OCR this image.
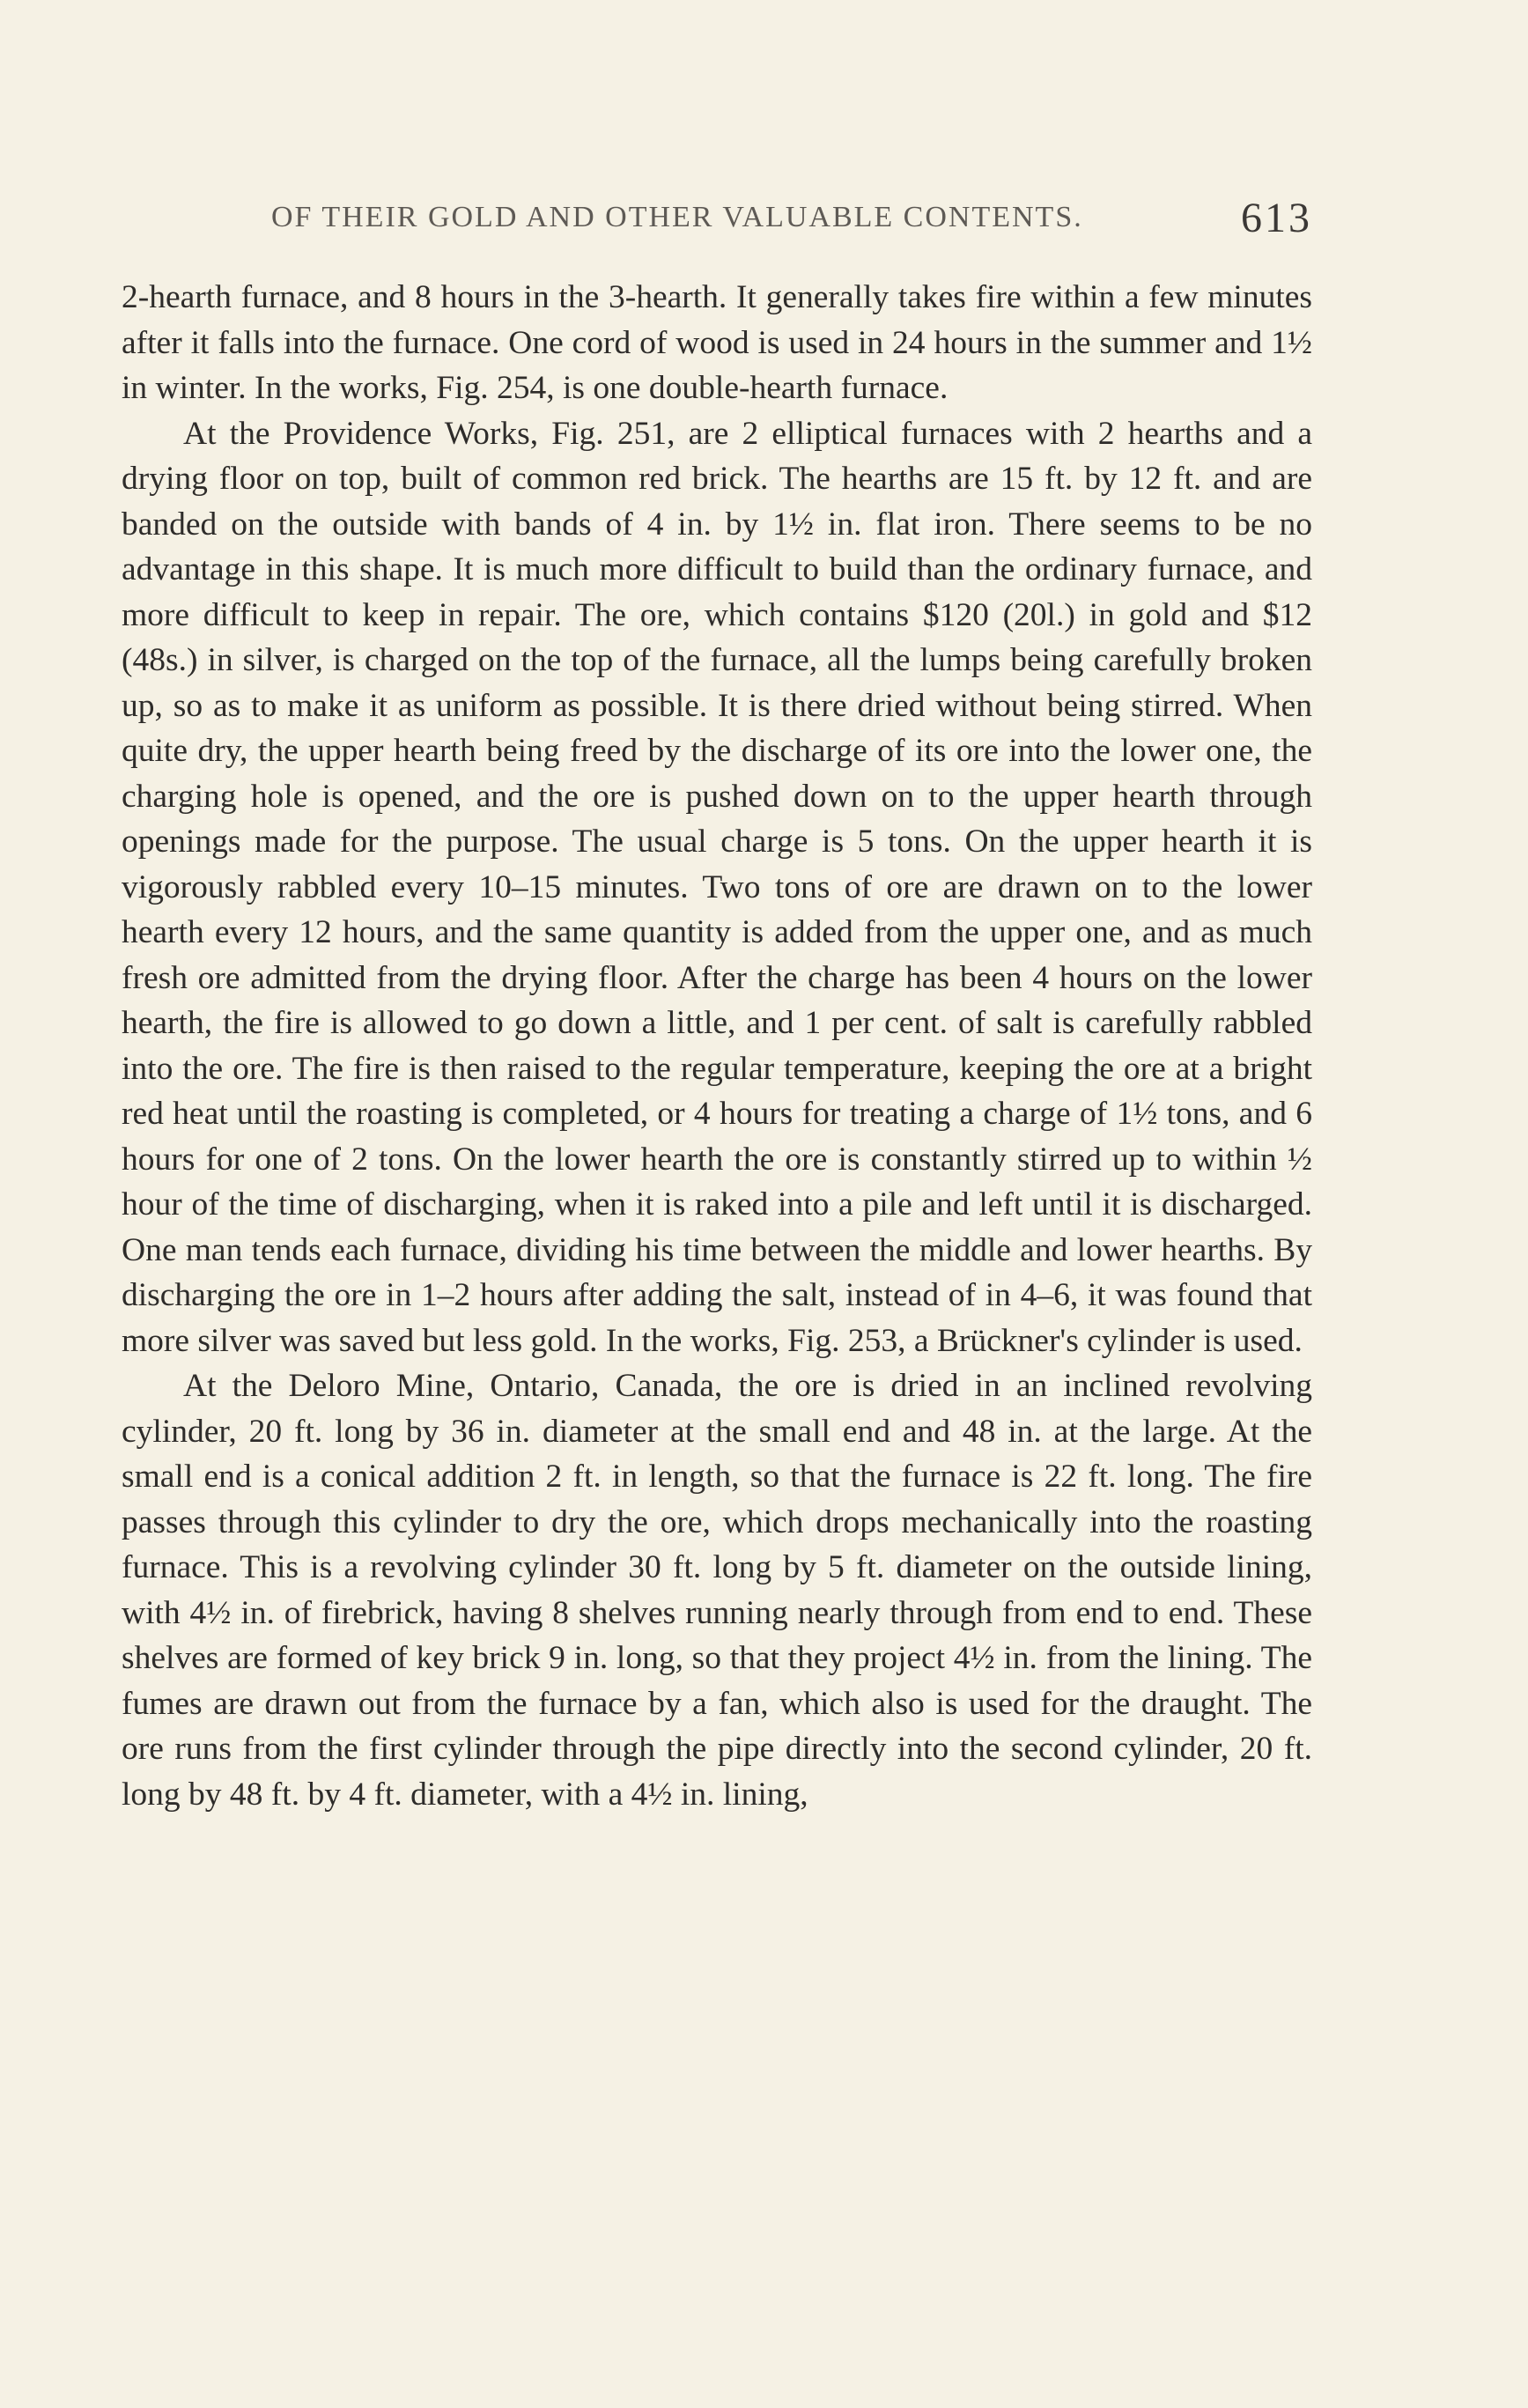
OF THEIR GOLD AND OTHER VALUABLE CONTENTS.	613

2-hearth furnace, and 8 hours in the 3-hearth. It generally takes fire within a few minutes after it falls into the furnace. One cord of wood is used in 24 hours in the summer and 1½ in winter. In the works, Fig. 254, is one double-hearth furnace.

At the Providence Works, Fig. 251, are 2 elliptical furnaces with 2 hearths and a drying floor on top, built of common red brick. The hearths are 15 ft. by 12 ft. and are banded on the outside with bands of 4 in. by 1½ in. flat iron. There seems to be no advantage in this shape. It is much more difficult to build than the ordinary furnace, and more difficult to keep in repair. The ore, which contains $120 (20l.) in gold and $12 (48s.) in silver, is charged on the top of the furnace, all the lumps being carefully broken up, so as to make it as uniform as possible. It is there dried without being stirred. When quite dry, the upper hearth being freed by the discharge of its ore into the lower one, the charging hole is opened, and the ore is pushed down on to the upper hearth through openings made for the purpose. The usual charge is 5 tons. On the upper hearth it is vigorously rabbled every 10–15 minutes. Two tons of ore are drawn on to the lower hearth every 12 hours, and the same quantity is added from the upper one, and as much fresh ore admitted from the drying floor. After the charge has been 4 hours on the lower hearth, the fire is allowed to go down a little, and 1 per cent. of salt is carefully rabbled into the ore. The fire is then raised to the regular temperature, keeping the ore at a bright red heat until the roasting is completed, or 4 hours for treating a charge of 1½ tons, and 6 hours for one of 2 tons. On the lower hearth the ore is constantly stirred up to within ½ hour of the time of discharging, when it is raked into a pile and left until it is discharged. One man tends each furnace, dividing his time between the middle and lower hearths. By discharging the ore in 1–2 hours after adding the salt, instead of in 4–6, it was found that more silver was saved but less gold. In the works, Fig. 253, a Brückner's cylinder is used.

At the Deloro Mine, Ontario, Canada, the ore is dried in an inclined revolving cylinder, 20 ft. long by 36 in. diameter at the small end and 48 in. at the large. At the small end is a conical addition 2 ft. in length, so that the furnace is 22 ft. long. The fire passes through this cylinder to dry the ore, which drops mechanically into the roasting furnace. This is a revolving cylinder 30 ft. long by 5 ft. diameter on the outside lining, with 4½ in. of firebrick, having 8 shelves running nearly through from end to end. These shelves are formed of key brick 9 in. long, so that they project 4½ in. from the lining. The fumes are drawn out from the furnace by a fan, which also is used for the draught. The ore runs from the first cylinder through the pipe directly into the second cylinder, 20 ft. long by 48 ft. by 4 ft. diameter, with a 4½ in. lining,
